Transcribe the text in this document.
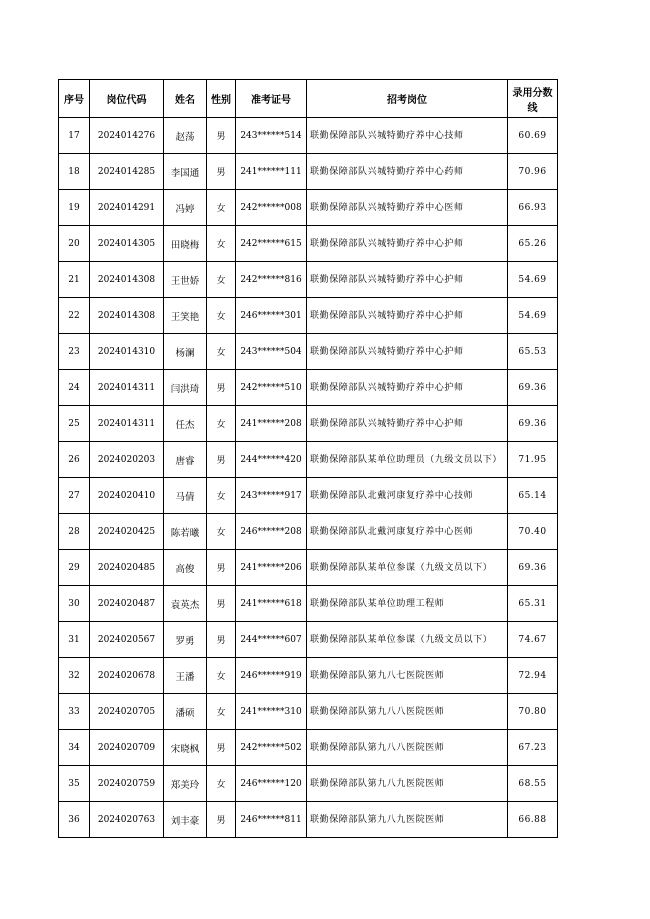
序号	岗位代码	姓名	性别	准考证号	招考岗位	录用分数线
17	2024014276	赵荡	男	243******514	联勤保障部队兴城特勤疗养中心技师	60.69
18	2024014285	李国通	男	241******111	联勤保障部队兴城特勤疗养中心药师	70.96
19	2024014291	冯婷	女	242******008	联勤保障部队兴城特勤疗养中心医师	66.93
20	2024014305	田晓梅	女	242******615	联勤保障部队兴城特勤疗养中心护师	65.26
21	2024014308	王世娇	女	242******816	联勤保障部队兴城特勤疗养中心护师	54.69
22	2024014308	王笑艳	女	246******301	联勤保障部队兴城特勤疗养中心护师	54.69
23	2024014310	杨澜	女	243******504	联勤保障部队兴城特勤疗养中心护师	65.53
24	2024014311	闫洪琦	男	242******510	联勤保障部队兴城特勤疗养中心护师	69.36
25	2024014311	任杰	女	241******208	联勤保障部队兴城特勤疗养中心护师	69.36
26	2024020203	唐睿	男	244******420	联勤保障部队某单位助理员（九级文员以下）	71.95
27	2024020410	马倩	女	243******917	联勤保障部队北戴河康复疗养中心技师	65.14
28	2024020425	陈若曦	女	246******208	联勤保障部队北戴河康复疗养中心医师	70.40
29	2024020485	高俊	男	241******206	联勤保障部队某单位参谋（九级文员以下）	69.36
30	2024020487	袁英杰	男	241******618	联勤保障部队某单位助理工程师	65.31
31	2024020567	罗勇	男	244******607	联勤保障部队某单位参谋（九级文员以下）	74.67
32	2024020678	王潘	女	246******919	联勤保障部队第九八七医院医师	72.94
33	2024020705	潘硕	女	241******310	联勤保障部队第九八八医院医师	70.80
34	2024020709	宋晓枫	男	242******502	联勤保障部队第九八八医院医师	67.23
35	2024020759	郑美玲	女	246******120	联勤保障部队第九八九医院医师	68.55
36	2024020763	刘丰豪	男	246******811	联勤保障部队第九八九医院医师	66.88
